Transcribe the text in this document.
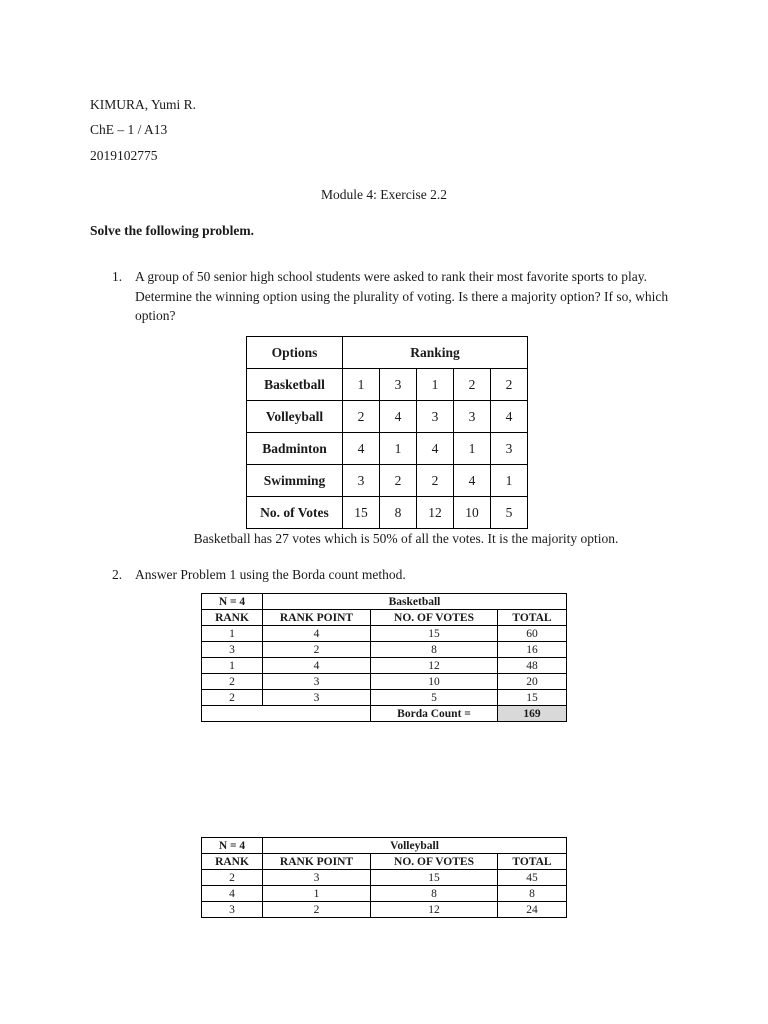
KIMURA, Yumi R.
ChE – 1 / A13
2019102775
Module 4: Exercise 2.2
Solve the following problem.
1. A group of 50 senior high school students were asked to rank their most favorite sports to play. Determine the winning option using the plurality of voting. Is there a majority option? If so, which option?
Options	Ranking				
Basketball	1	3	1	2	2
Volleyball	2	4	3	3	4
Badminton	4	1	4	1	3
Swimming	3	2	2	4	1
No. of Votes	15	8	12	10	5
Basketball has 27 votes which is 50% of all the votes. It is the majority option.
2. Answer Problem 1 using the Borda count method.
N = 4	Basketball		
RANK	RANK POINT	NO. OF VOTES	TOTAL
1	4	15	60
3	2	8	16
1	4	12	48
2	3	10	20
2	3	5	15
		Borda Count =	169
N = 4	Volleyball		
RANK	RANK POINT	NO. OF VOTES	TOTAL
2	3	15	45
4	1	8	8
3	2	12	24
